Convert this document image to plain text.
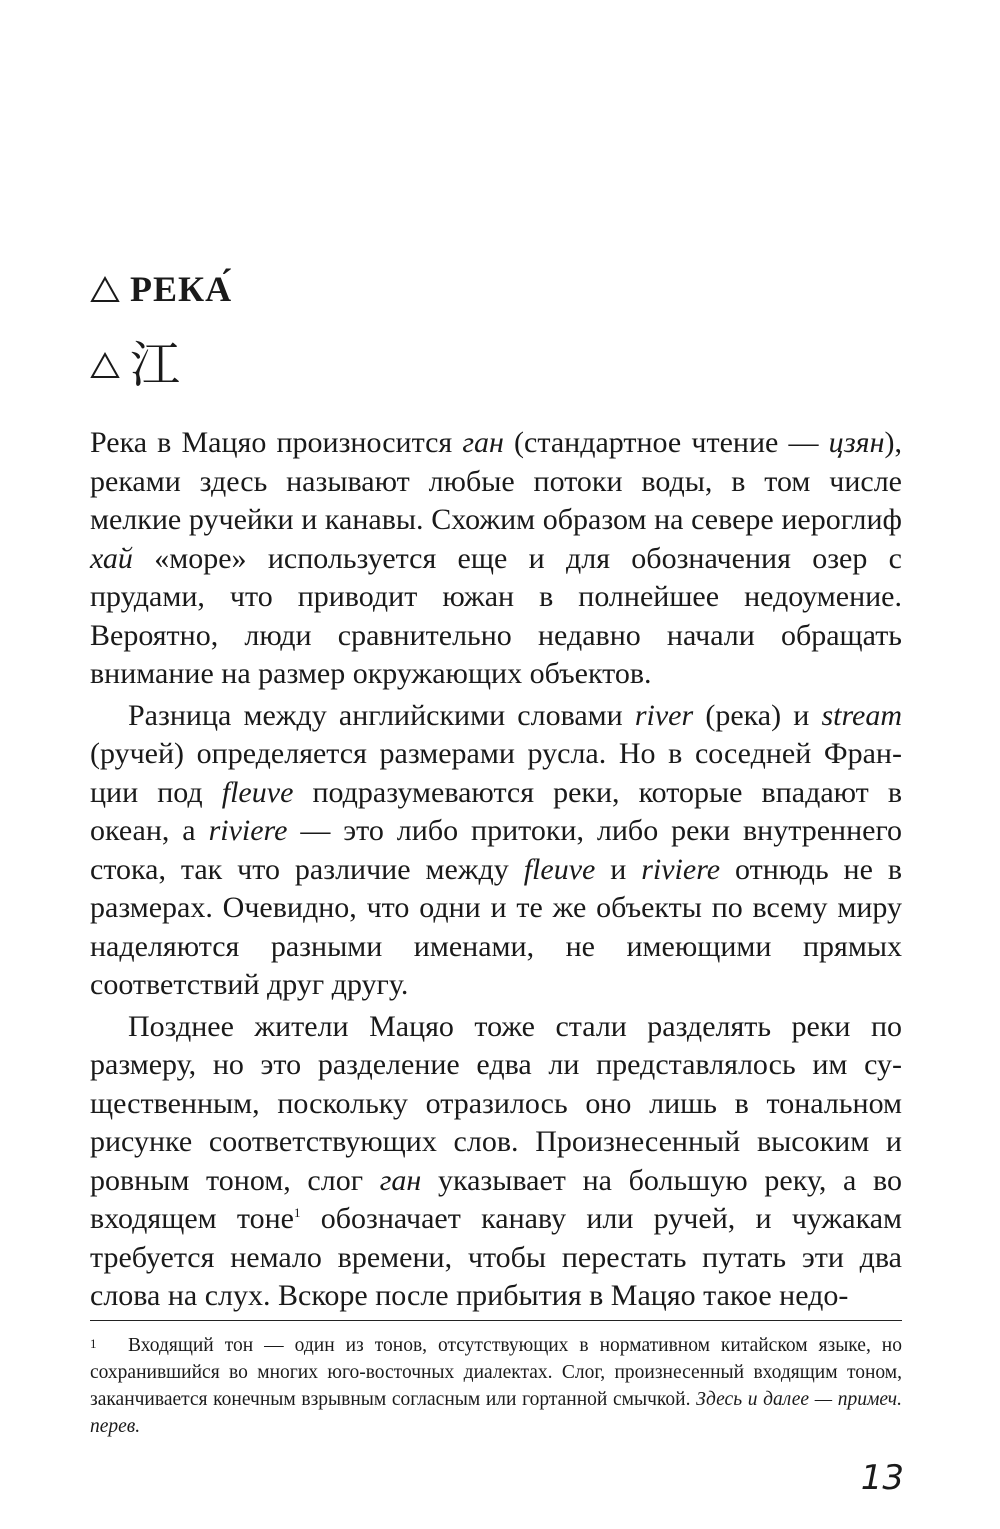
РЕКА́
江

Река в Мацяо произносится ган (стандартное чтение — цзян), реками здесь называют любые потоки воды, в том числе мелкие ручейки и канавы. Схожим образом на севере иероглиф хай «море» используется еще и для обозначения озер с прудами, что приводит южан в полнейшее недоумение. Вероятно, люди сравнительно недавно начали обращать внимание на размер окружающих объектов.

Разница между английскими словами river (река) и stream (ручей) определяется размерами русла. Но в соседней Франции под fleuve подразумеваются реки, которые впадают в океан, а riviere — это либо притоки, либо реки внутреннего стока, так что различие между fleuve и riviere отнюдь не в размерах. Очевидно, что одни и те же объекты по всему миру наделяются разными именами, не имеющими прямых соответствий друг другу.

Позднее жители Мацяо тоже стали разделять реки по размеру, но это разделение едва ли представлялось им существенным, поскольку отразилось оно лишь в тональном рисунке соответствующих слов. Произнесенный высоким и ровным тоном, слог ган указывает на большую реку, а во входящем тоне$^1$ обозначает канаву или ручей, и чужакам требуется немало времени, чтобы перестать путать эти два слова на слух. Вскоре после прибытия в Мацяо такое недо-

1 Входящий тон — один из тонов, отсутствующих в нормативном китайском языке, но сохранившийся во многих юго-восточных диалектах. Слог, произнесенный входящим тоном, заканчивается конечным взрывным согласным или гортанной смычкой. Здесь и далее — примеч. перев.
13
